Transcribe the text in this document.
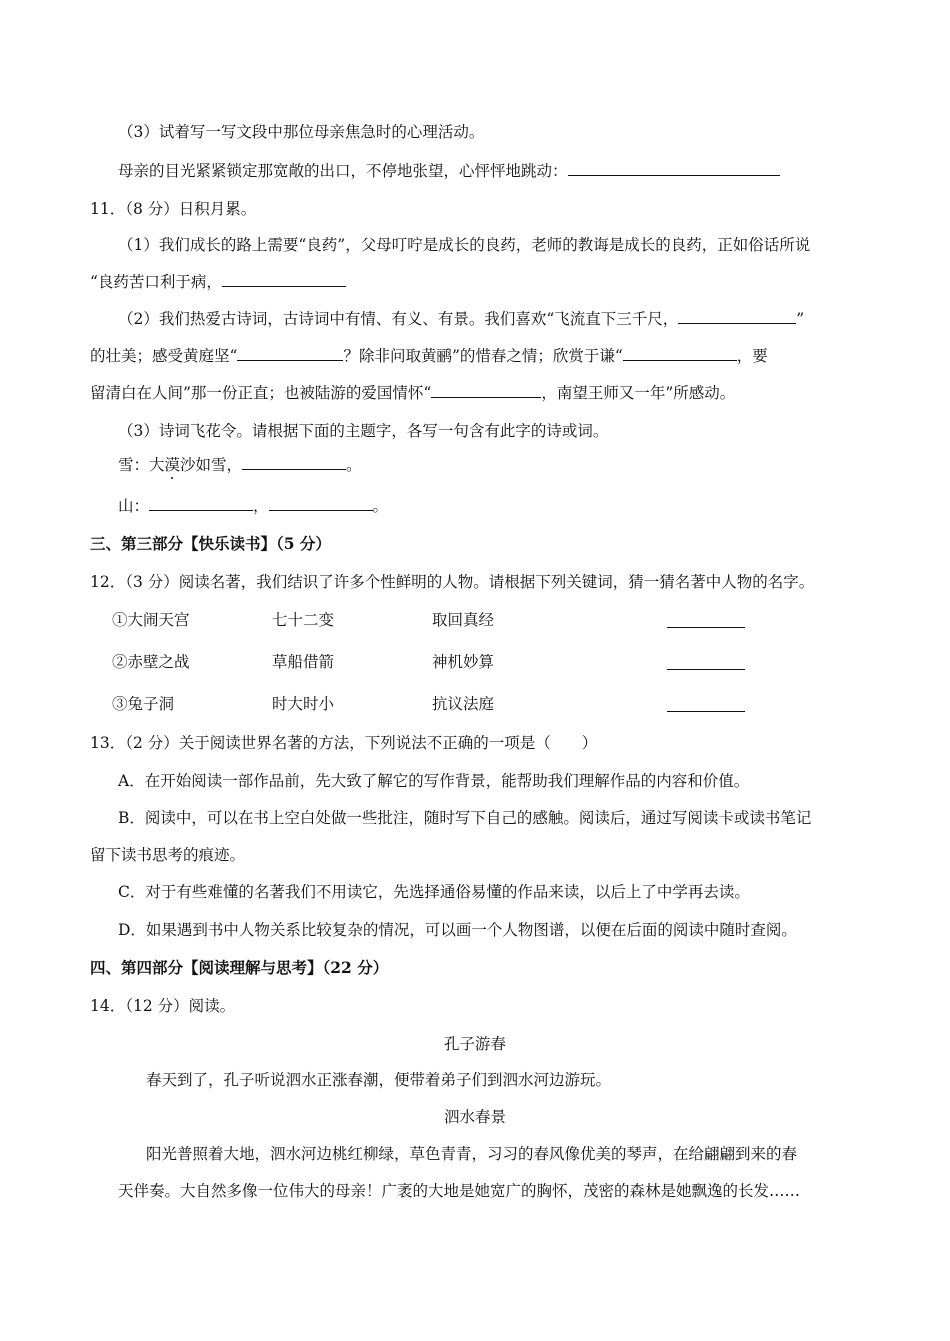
（3）试着写一写文段中那位母亲焦急时的心理活动。
母亲的目光紧紧锁定那宽敞的出口，不停地张望，心怦怦地跳动：
11．（8 分）日积月累。
（1）我们成长的路上需要“良药”，父母叮咛是成长的良药，老师的教诲是成长的良药，正如俗话所说
“良药苦口利于病，
（2）我们热爱古诗词，古诗词中有情、有义、有景。我们喜欢“飞流直下三千尺，	”
的壮美；感受黄庭坚“	？除非问取黄鹂”的惜春之情；欣赏于谦“	，要
留清白在人间”那一份正直；也被陆游的爱国情怀“	，南望王师又一年”所感动。
（3）诗词飞花令。请根据下面的主题字，各写一句含有此字的诗或词。
雪：大漠沙如雪，	。
山：	，	。
三、第三部分【快乐读书】（5 分）
12．（3 分）阅读名著，我们结识了许多个性鲜明的人物。请根据下列关键词，猜一猜名著中人物的名字。
①大闹天宫	七十二变	取回真经
②赤壁之战	草船借箭	神机妙算
③兔子洞	时大时小	抗议法庭
13．（2 分）关于阅读世界名著的方法，下列说法不正确的一项是（　　）
A．在开始阅读一部作品前，先大致了解它的写作背景，能帮助我们理解作品的内容和价值。
B．阅读中，可以在书上空白处做一些批注，随时写下自己的感触。阅读后，通过写阅读卡或读书笔记
留下读书思考的痕迹。
C．对于有些难懂的名著我们不用读它，先选择通俗易懂的作品来读，以后上了中学再去读。
D．如果遇到书中人物关系比较复杂的情况，可以画一个人物图谱，以便在后面的阅读中随时查阅。
四、第四部分【阅读理解与思考】（22 分）
14．（12 分）阅读。
孔子游春
春天到了，孔子听说泗水正涨春潮，便带着弟子们到泗水河边游玩。
泗水春景
阳光普照着大地，泗水河边桃红柳绿，草色青青，习习的春风像优美的琴声，在给翩翩到来的春
天伴奏。大自然多像一位伟大的母亲！广袤的大地是她宽广的胸怀，茂密的森林是她飘逸的长发……
